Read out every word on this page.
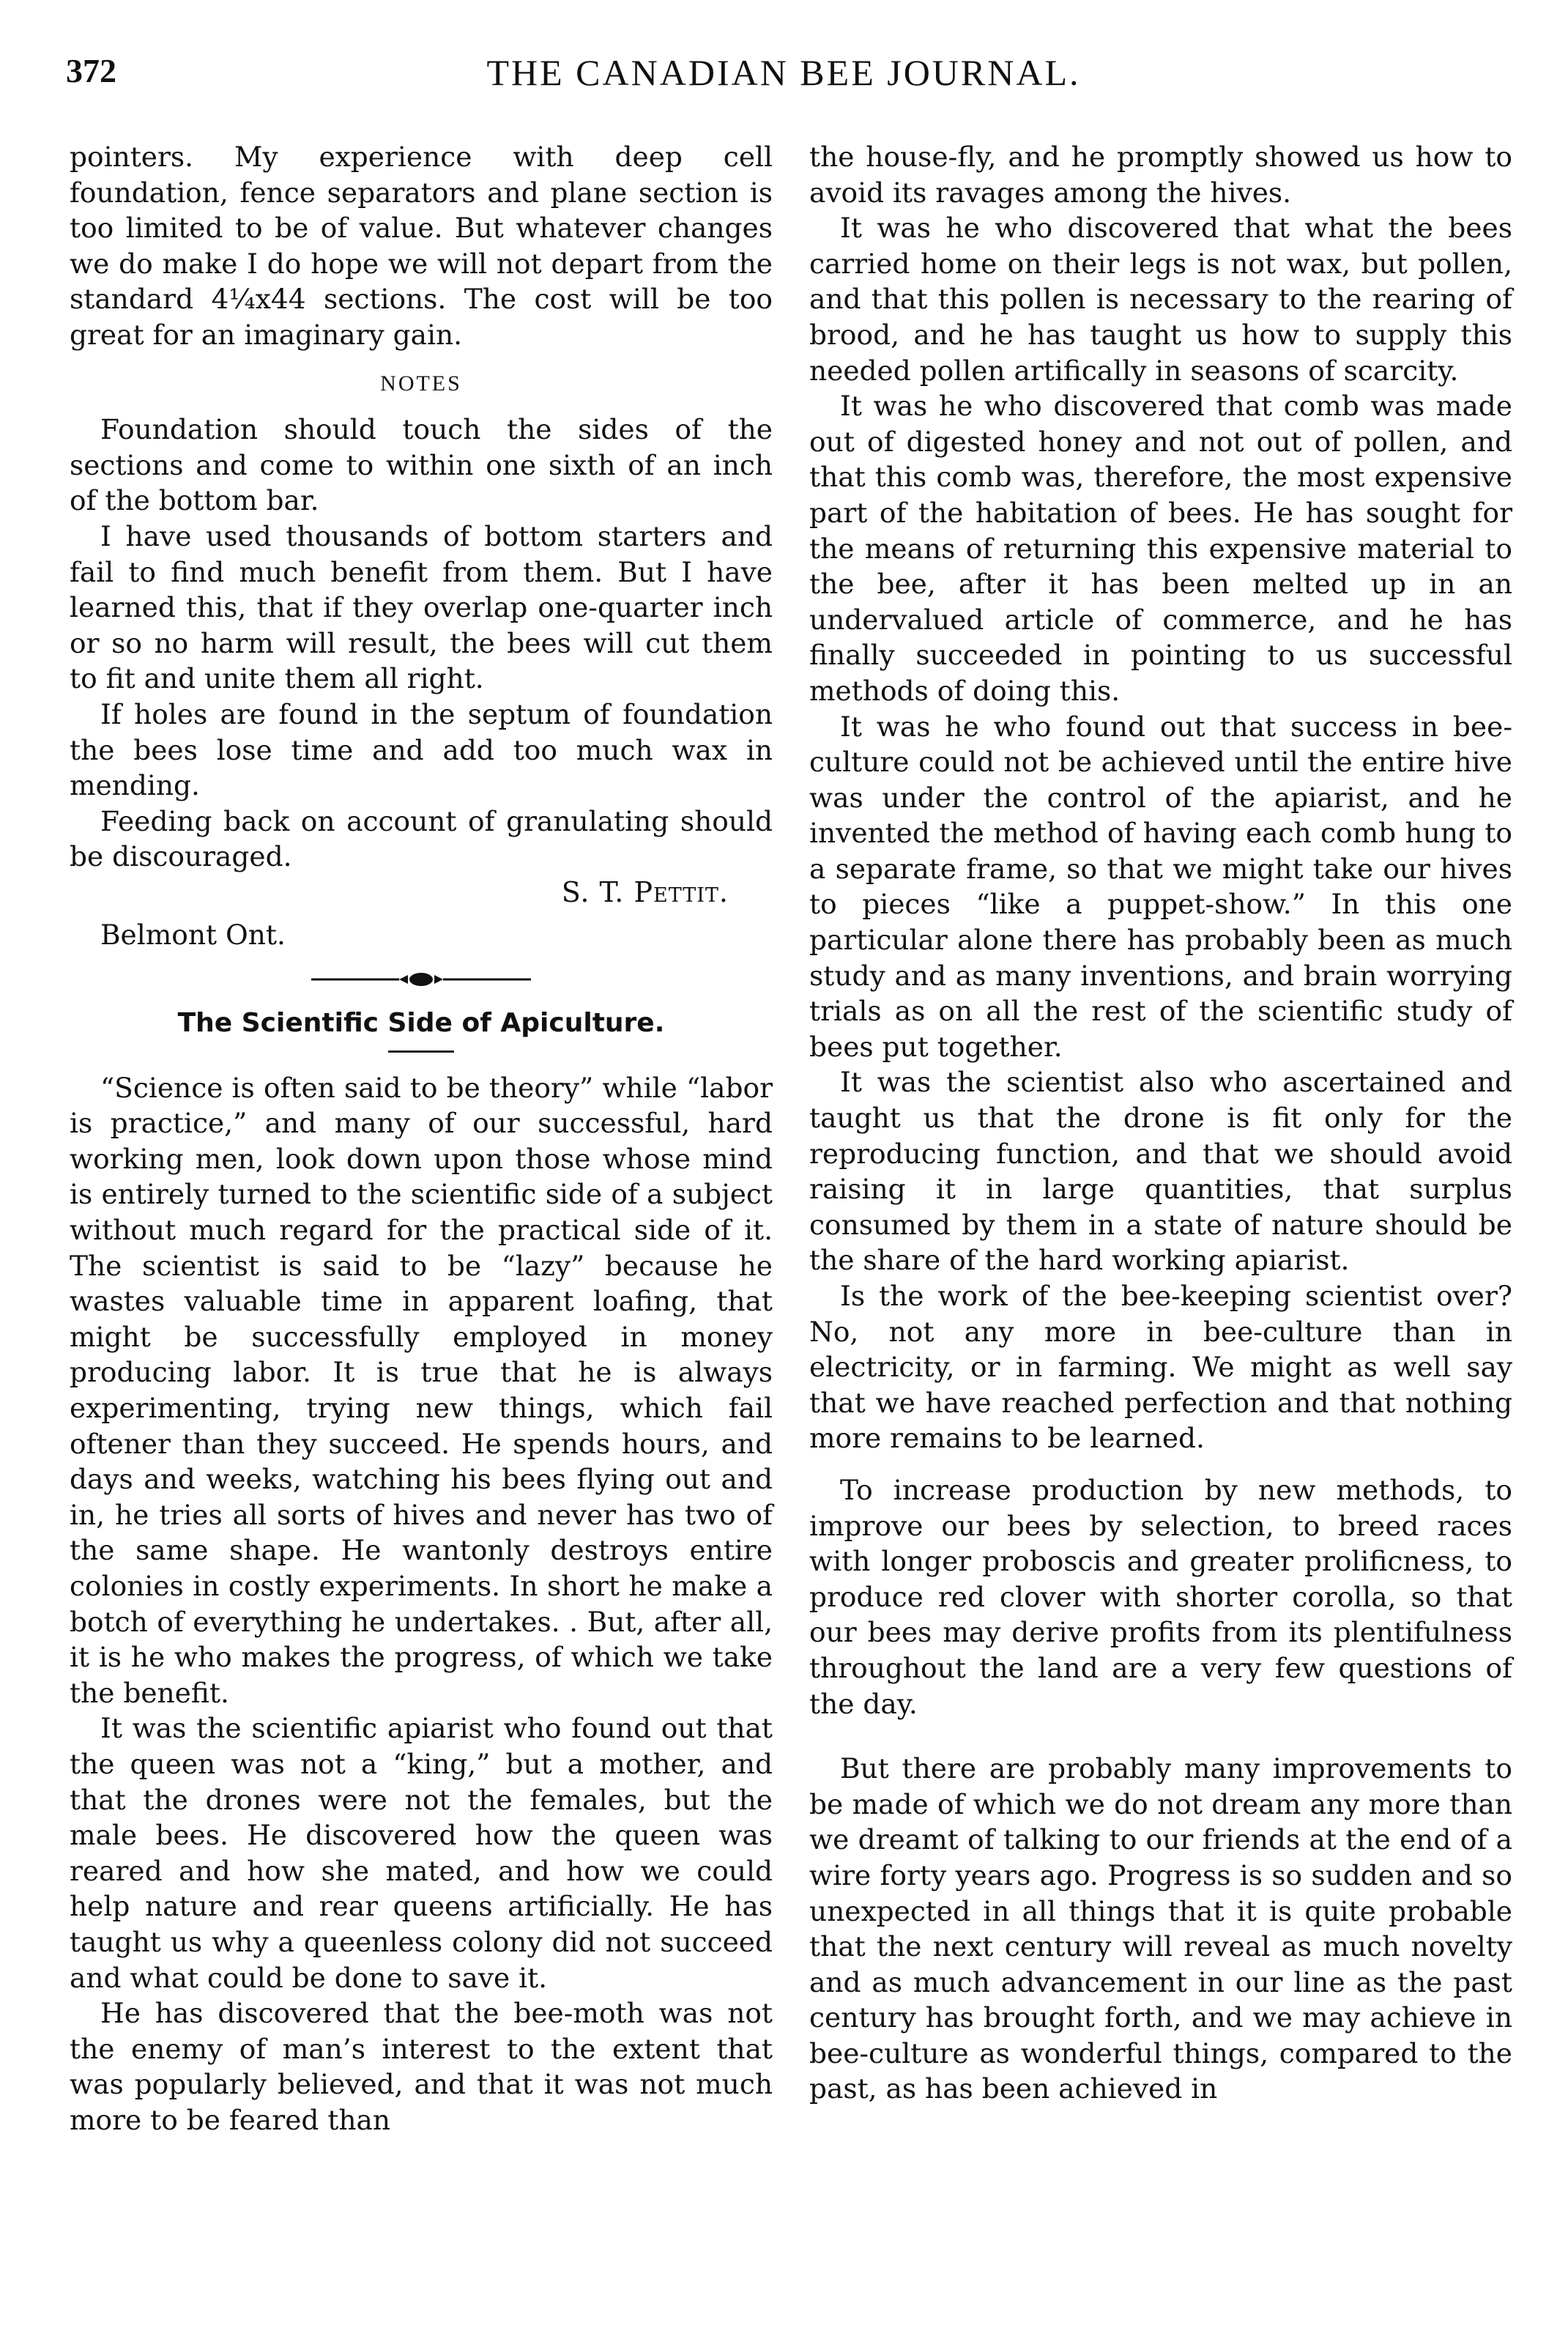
372	THE CANADIAN BEE JOURNAL.

pointers. My experience with deep cell foundation, fence separators and plane section is too limited to be of value. But whatever changes we do make I do hope we will not depart from the standard 4¼x44 sections. The cost will be too great for an imaginary gain.

NOTES

Foundation should touch the sides of the sections and come to within one sixth of an inch of the bottom bar.

I have used thousands of bottom starters and fail to find much benefit from them. But I have learned this, that if they overlap one-quarter inch or so no harm will result, the bees will cut them to fit and unite them all right.

If holes are found in the septum of foundation the bees lose time and add too much wax in mending.

Feeding back on account of granulating should be discouraged.

S. T. Pettit.

Belmont Ont.

The Scientific Side of Apiculture.

“Science is often said to be theory” while “labor is practice,” and many of our successful, hard working men, look down upon those whose mind is entirely turned to the scientific side of a subject without much regard for the practical side of it. The scientist is said to be “lazy” because he wastes valuable time in apparent loafing, that might be successfully employed in money producing labor. It is true that he is always experimenting, trying new things, which fail oftener than they succeed. He spends hours, and days and weeks, watching his bees flying out and in, he tries all sorts of hives and never has two of the same shape. He wantonly destroys entire colonies in costly experiments. In short he make a botch of everything he undertakes. . But, after all, it is he who makes the progress, of which we take the benefit.

It was the scientific apiarist who found out that the queen was not a “king,” but a mother, and that the drones were not the females, but the male bees. He discovered how the queen was reared and how she mated, and how we could help nature and rear queens artificially. He has taught us why a queenless colony did not succeed and what could be done to save it.

He has discovered that the bee-moth was not the enemy of man’s interest to the extent that was popularly believed, and that it was not much more to be feared than

the house-fly, and he promptly showed us how to avoid its ravages among the hives.

It was he who discovered that what the bees carried home on their legs is not wax, but pollen, and that this pollen is necessary to the rearing of brood, and he has taught us how to supply this needed pollen artifically in seasons of scarcity.

It was he who discovered that comb was made out of digested honey and not out of pollen, and that this comb was, therefore, the most expensive part of the habitation of bees. He has sought for the means of returning this expensive material to the bee, after it has been melted up in an undervalued article of commerce, and he has finally succeeded in pointing to us successful methods of doing this.

It was he who found out that success in bee-culture could not be achieved until the entire hive was under the control of the apiarist, and he invented the method of having each comb hung to a separate frame, so that we might take our hives to pieces “like a puppet-show.” In this one particular alone there has probably been as much study and as many inventions, and brain worrying trials as on all the rest of the scientific study of bees put together.

It was the scientist also who ascertained and taught us that the drone is fit only for the reproducing function, and that we should avoid raising it in large quantities, that surplus consumed by them in a state of nature should be the share of the hard working apiarist.

Is the work of the bee-keeping scientist over? No, not any more in bee-culture than in electricity, or in farming. We might as well say that we have reached perfection and that nothing more remains to be learned.

To increase production by new methods, to improve our bees by selection, to breed races with longer proboscis and greater prolificness, to produce red clover with shorter corolla, so that our bees may derive profits from its plentifulness throughout the land are a very few questions of the day.

But there are probably many improvements to be made of which we do not dream any more than we dreamt of talking to our friends at the end of a wire forty years ago. Progress is so sudden and so unexpected in all things that it is quite probable that the next century will reveal as much novelty and as much advancement in our line as the past century has brought forth, and we may achieve in bee-culture as wonderful things, compared to the past, as has been achieved in
